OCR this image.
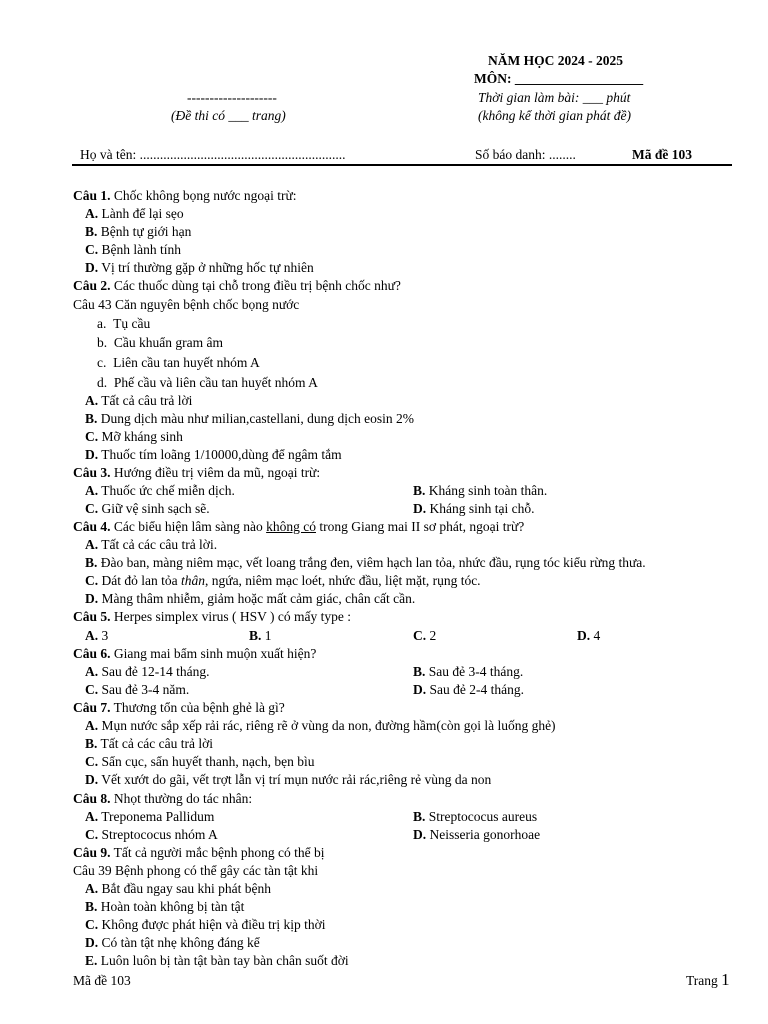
NĂM HỌC 2024 - 2025
MÔN: ___________________
--------------------	Thời gian làm bài: ___ phút
(Đề thi có ___ trang)	(không kể thời gian phát đề)
Họ và tên: .............................................................	Số báo danh: ........	Mã đề 103
Câu 1. Chốc không bọng nước ngoại trừ:
A. Lành để lại sẹo
B. Bệnh tự giới hạn
C. Bệnh lành tính
D. Vị trí thường gặp ở những hốc tự nhiên
Câu 2. Các thuốc dùng tại chỗ trong điều trị bệnh chốc như?
Câu 43 Căn nguyên bệnh chốc bọng nước
a. Tụ cầu
b. Cầu khuẩn gram âm
c. Liên cầu tan huyết nhóm A
d. Phế cầu và liên cầu tan huyết nhóm A
A. Tất cả câu trả lời
B. Dung dịch màu như milian,castellani, dung dịch eosin 2%
C. Mỡ kháng sinh
D. Thuốc tím loãng 1/10000,dùng để ngâm tắm
Câu 3. Hướng điều trị viêm da mũ, ngoại trừ:
A. Thuốc ức chế miễn dịch.	B. Kháng sinh toàn thân.
C. Giữ vệ sinh sạch sẽ.	D. Kháng sinh tại chỗ.
Câu 4. Các biểu hiện lâm sàng nào không có trong Giang mai II sơ phát, ngoại trừ?
A. Tất cả các câu trả lời.
B. Đào ban, màng niêm mạc, vết loang trắng đen, viêm hạch lan tỏa, nhức đầu, rụng tóc kiểu rừng thưa.
C. Dát đỏ lan tỏa thân, ngứa, niêm mạc loét, nhức đầu, liệt mặt, rụng tóc.
D. Màng thâm nhiễm, giảm hoặc mất cảm giác, chân cất cần.
Câu 5. Herpes simplex virus ( HSV ) có mấy type :
A. 3	B. 1	C. 2	D. 4
Câu 6. Giang mai bẩm sinh muộn xuất hiện?
A. Sau đẻ 12-14 tháng.	B. Sau đẻ 3-4 tháng.
C. Sau đẻ 3-4 năm.	D. Sau đẻ 2-4 tháng.
Câu 7. Thương tổn của bệnh ghẻ là gì?
A. Mụn nước sắp xếp rải rác, riêng rẽ ở vùng da non, đường hầm(còn gọi là luống ghẻ)
B. Tất cả các câu trả lời
C. Sẩn cục, sẩn huyết thanh, nạch, bẹn bìu
D. Vết xướt do gãi, vết trợt lẫn vị trí mụn nước rải rác,riêng rẻ vùng da non
Câu 8. Nhọt thường do tác nhân:
A. Treponema Pallidum	B. Streptococus aureus
C. Streptococus nhóm A	D. Neisseria gonorhoae
Câu 9. Tất cả người mắc bệnh phong có thể bị
Câu 39 Bệnh phong có thể gây các tàn tật khi
A. Bắt đầu ngay sau khi phát bệnh
B. Hoàn toàn không bị tàn tật
C. Không được phát hiện và điều trị kịp thời
D. Có tàn tật nhẹ không đáng kể
E. Luôn luôn bị tàn tật bàn tay bàn chân suốt đời
Mã đề 103	Trang 1
